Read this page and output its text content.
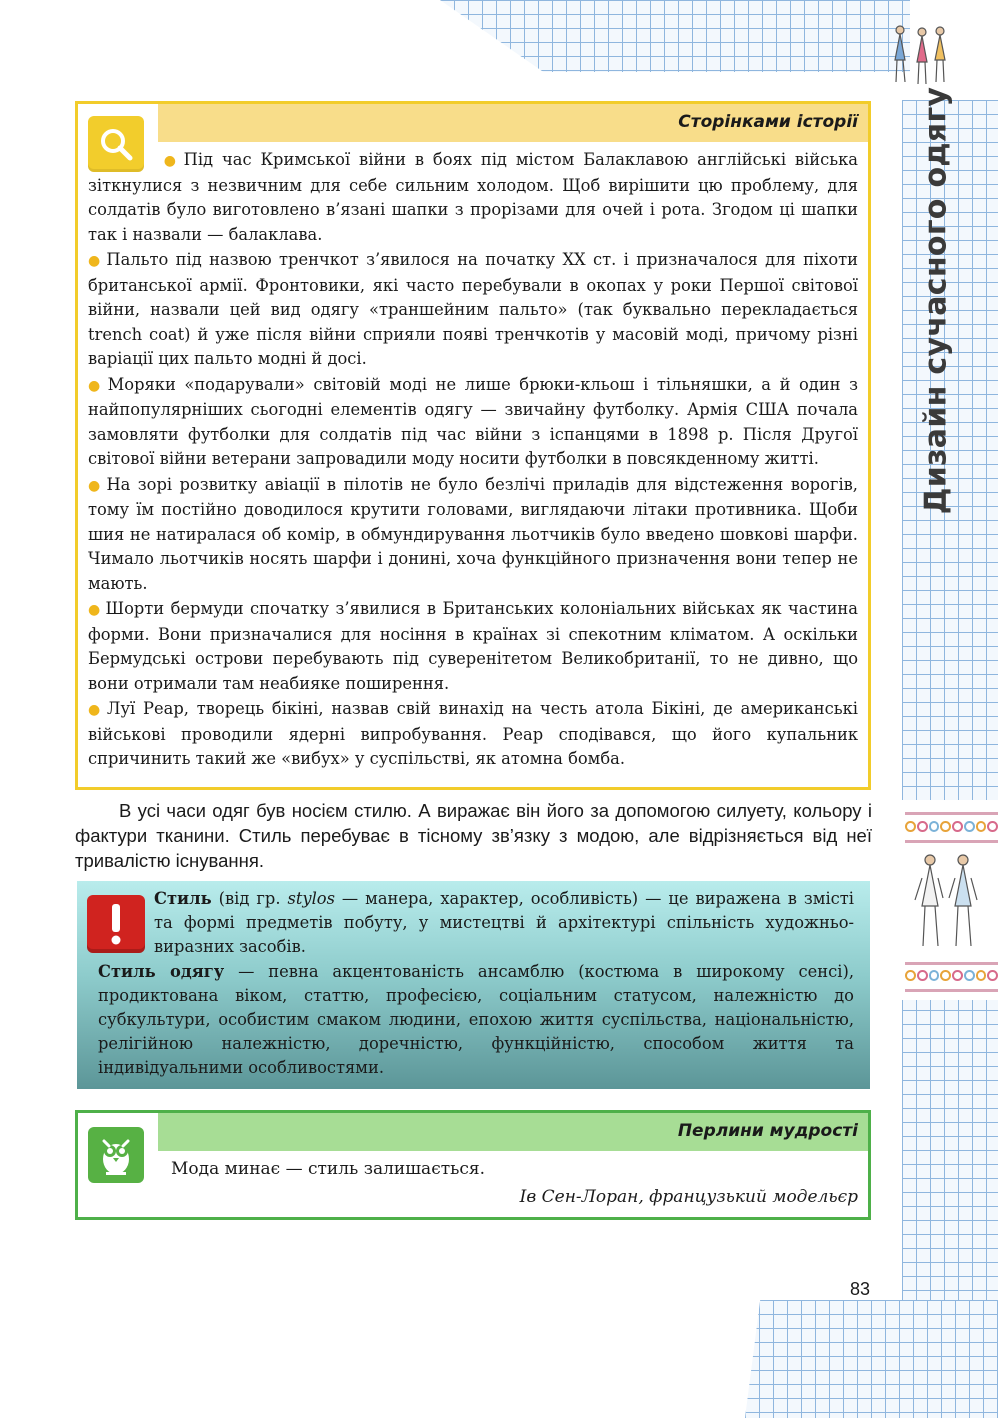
Дизайн сучасного одягу
Сторінками історії

● Під час Кримської війни в боях під містом Балаклавою англійські війська зіткнулися з незвичним для себе сильним холодом. Щоб вирішити цю проблему, для солдатів було виготовлено в’язані шапки з прорізами для очей і рота. Згодом ці шапки так і назвали — балаклава.

● Пальто під назвою тренчкот з’явилося на початку XX ст. і призначалося для піхоти британської армії. Фронтовики, які часто перебували в окопах у роки Першої світової війни, назвали цей вид одягу «траншейним пальто» (так буквально перекладається trench coat) й уже після війни сприяли появі тренчкотів у масовій моді, причому різні варіації цих пальто модні й досі.

● Моряки «подарували» світовій моді не лише брюки-кльош і тільняшки, а й один з найпопулярніших сьогодні елементів одягу — звичайну футболку. Армія США почала замовляти футболки для солдатів під час війни з іспанцями в 1898 р. Після Другої світової війни ветерани запровадили моду носити футболки в повсякденному житті.

● На зорі розвитку авіації в пілотів не було безлічі приладів для відстеження ворогів, тому їм постійно доводилося крутити головами, виглядаючи літаки противника. Щоби шия не натиралася об комір, в обмундирування льотчиків було введено шовкові шарфи. Чимало льотчиків носять шарфи і донині, хоча функційного призначення вони тепер не мають.

● Шорти бермуди спочатку з’явилися в Британських колоніальних військах як частина форми. Вони призначалися для носіння в країнах зі спекотним кліматом. А оскільки Бермудські острови перебувають під суверенітетом Великобританії, то не дивно, що вони отримали там неабияке поширення.

● Луї Реар, творець бікіні, назвав свій винахід на честь атола Бікіні, де американські військові проводили ядерні випробування. Реар сподівався, що його купальник спричинить такий же «вибух» у суспільстві, як атомна бомба.

В усі часи одяг був носієм стилю. А виражає він його за допомогою силуету, кольору і фактури тканини. Стиль перебуває в тісному зв’язку з модою, але відрізняється від неї тривалістю існування.

Стиль (від гр. stylos — манера, характер, особливість) — це виражена в змісті та формі предметів побуту, у мистецтві й архітектурі спільність художньо-виразних засобів.

Стиль одягу — певна акцентованість ансамблю (костюма в широкому сенсі), продиктована віком, статтю, професією, соціальним статусом, належністю до субкультури, особистим смаком людини, епохою життя суспільства, національністю, релігійною належністю, доречністю, функційністю, способом життя та індивідуальними особливостями.

Перлини мудрості

Мода минає — стиль залишається.

Ів Сен-Лоран, французький модельєр

83
